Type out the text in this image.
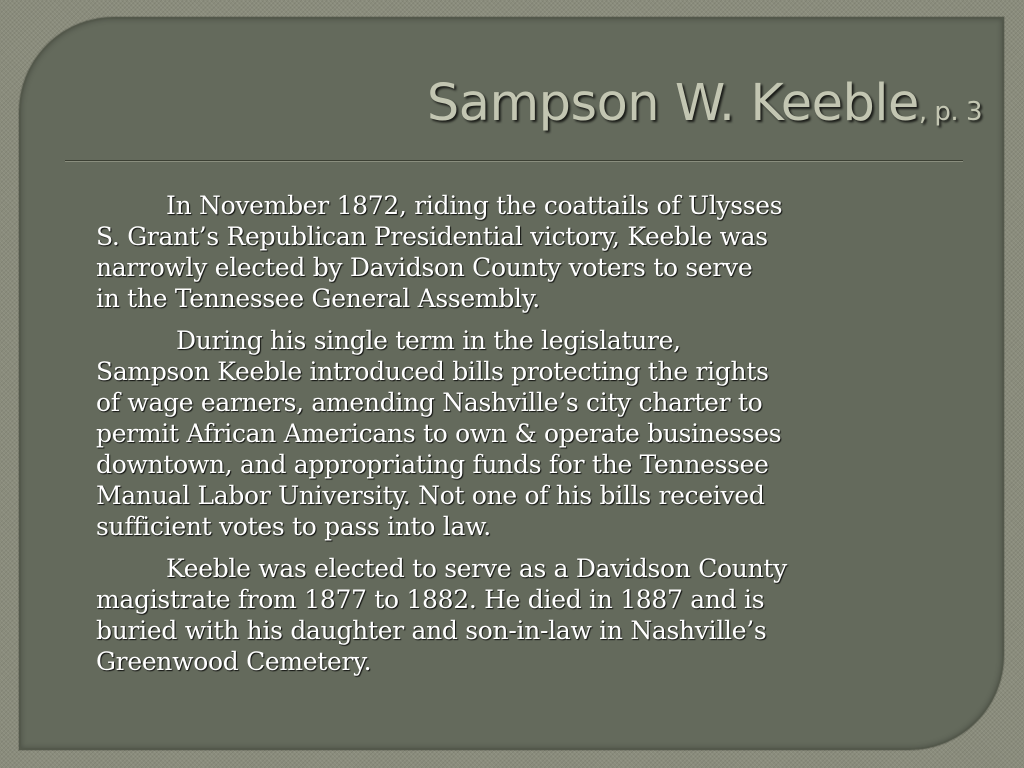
Sampson W. Keeble, p. 3

In November 1872, riding the coattails of Ulysses
S. Grant’s Republican Presidential victory, Keeble was
narrowly elected by Davidson County voters to serve
in the Tennessee General Assembly.

During his single term in the legislature,
Sampson Keeble introduced bills protecting the rights
of wage earners, amending Nashville’s city charter to
permit African Americans to own & operate businesses
downtown, and appropriating funds for the Tennessee
Manual Labor University. Not one of his bills received
sufficient votes to pass into law.

Keeble was elected to serve as a Davidson County
magistrate from 1877 to 1882. He died in 1887 and is
buried with his daughter and son-in-law in Nashville’s
Greenwood Cemetery.
